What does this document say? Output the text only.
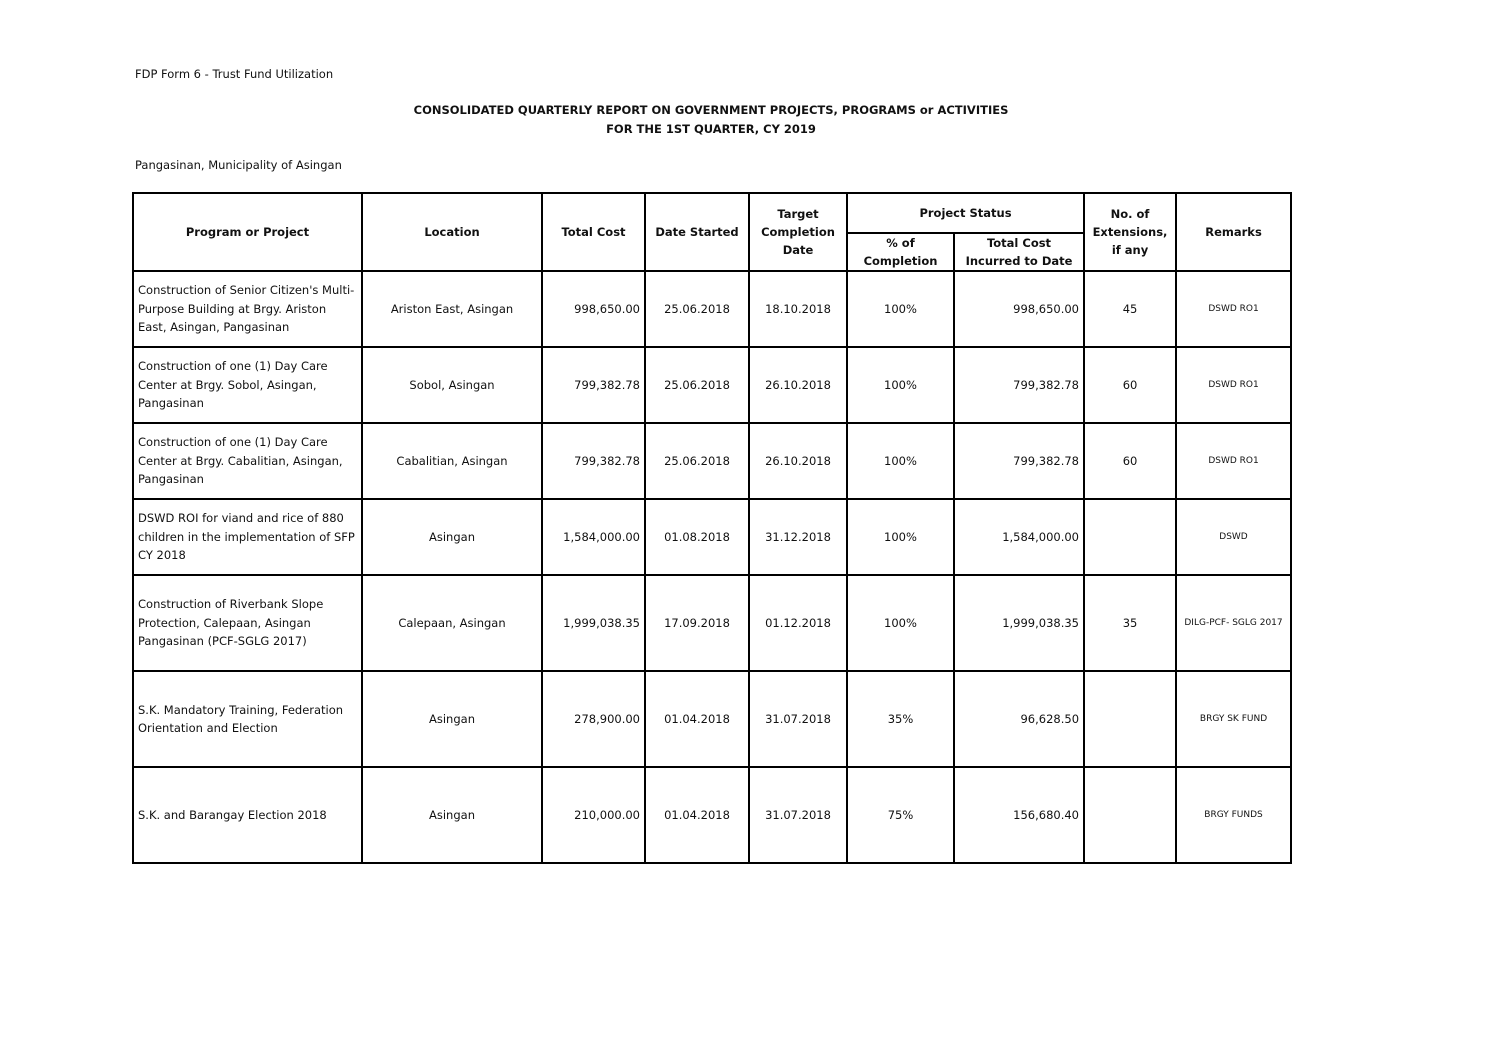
FDP Form 6 - Trust Fund Utilization
CONSOLIDATED QUARTERLY REPORT ON GOVERNMENT PROJECTS, PROGRAMS or ACTIVITIES
FOR THE 1ST QUARTER, CY 2019
Pangasinan, Municipality of Asingan
Program or Project	Location	Total Cost	Date Started	Target Completion Date	Project Status		No. of Extensions, if any	Remarks
					% of Completion	Total Cost Incurred to Date		
Construction of Senior Citizen's Multi-Purpose Building at Brgy. Ariston East, Asingan, Pangasinan	Ariston East, Asingan	998,650.00	25.06.2018	18.10.2018	100%	998,650.00	45	DSWD RO1
Construction of one (1) Day Care Center at Brgy. Sobol, Asingan, Pangasinan	Sobol, Asingan	799,382.78	25.06.2018	26.10.2018	100%	799,382.78	60	DSWD RO1
Construction of one (1) Day Care Center at Brgy. Cabalitian, Asingan, Pangasinan	Cabalitian, Asingan	799,382.78	25.06.2018	26.10.2018	100%	799,382.78	60	DSWD RO1
DSWD ROI for viand and rice of 880 children in the implementation of SFP CY 2018	Asingan	1,584,000.00	01.08.2018	31.12.2018	100%	1,584,000.00		DSWD
Construction of Riverbank Slope Protection, Calepaan, Asingan Pangasinan (PCF-SGLG 2017)	Calepaan, Asingan	1,999,038.35	17.09.2018	01.12.2018	100%	1,999,038.35	35	DILG-PCF- SGLG 2017
S.K. Mandatory Training, Federation Orientation and Election	Asingan	278,900.00	01.04.2018	31.07.2018	35%	96,628.50		BRGY SK FUND
S.K. and Barangay Election 2018	Asingan	210,000.00	01.04.2018	31.07.2018	75%	156,680.40		BRGY FUNDS
